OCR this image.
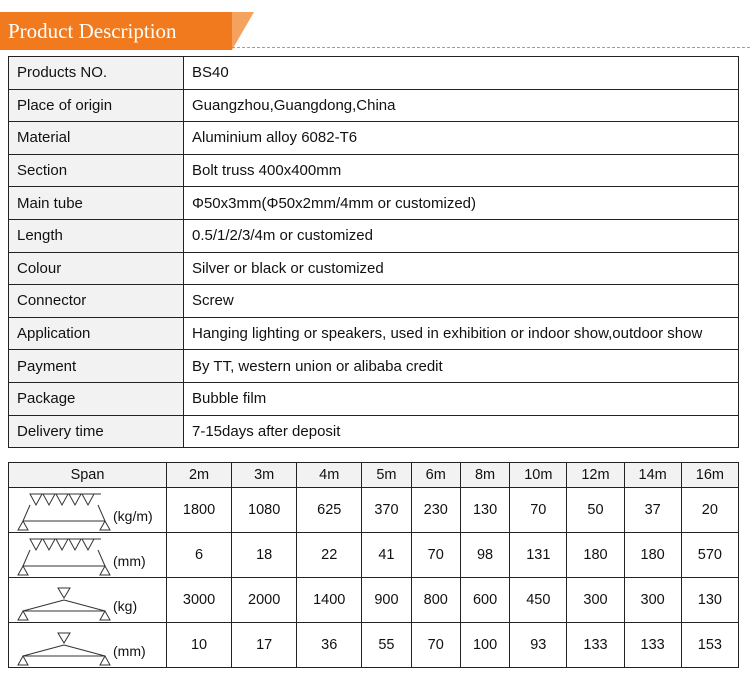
Product Description
Products NO.	BS40
Place of origin	Guangzhou,Guangdong,China
Material	Aluminium alloy 6082-T6
Section	Bolt truss 400x400mm
Main tube	Φ50x3mm(Φ50x2mm/4mm or customized)
Length	0.5/1/2/3/4m or customized
Colour	Silver or black or customized
Connector	Screw
Application	Hanging lighting or speakers, used in exhibition or indoor show,outdoor show
Payment	By TT, western union or alibaba credit
Package	Bubble film
Delivery time	7-15days after deposit
Span	2m	3m	4m	5m	6m	8m	10m	12m	14m	16m

(kg/m)	1800	1080	625	370	230	130	70	50	37	20

(mm)	6	18	22	41	70	98	131	180	180	570

(kg)	3000	2000	1400	900	800	600	450	300	300	130

(mm)	10	17	36	55	70	100	93	133	133	153
